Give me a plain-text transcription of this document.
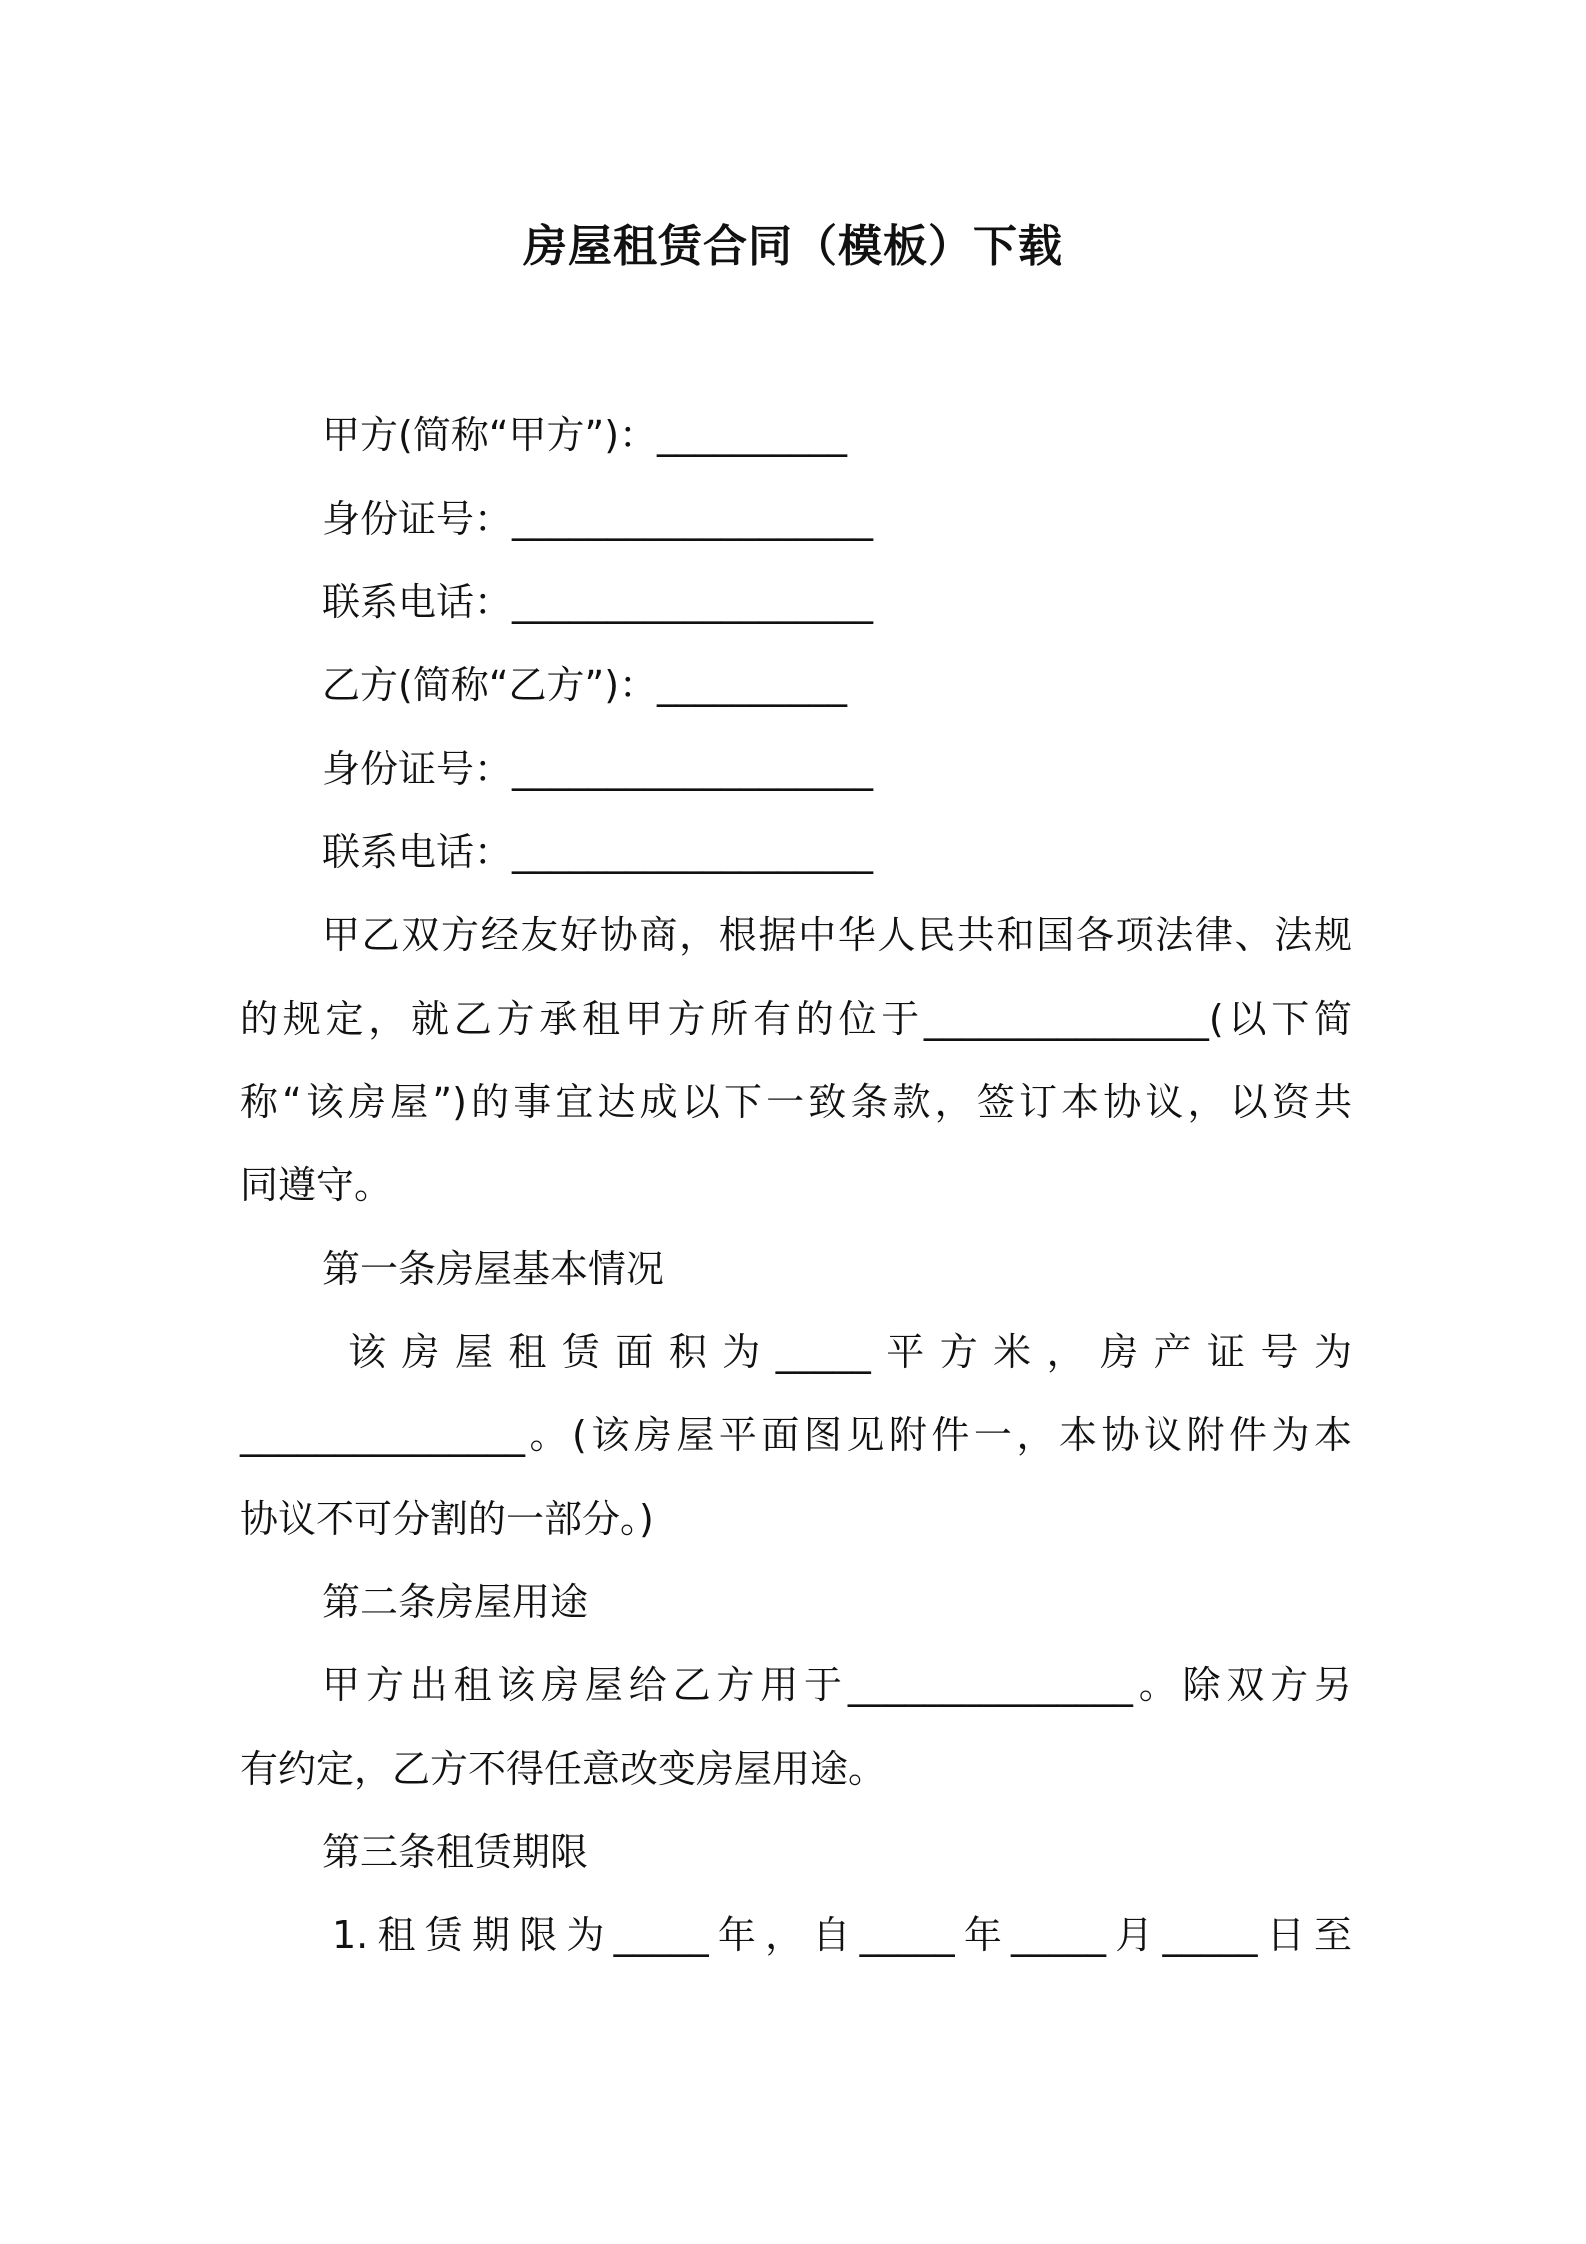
房屋租赁合同（模板）下载
甲方(简称“甲方”)：__________
身份证号：___________________
联系电话：___________________
乙方(简称“乙方”)：__________
身份证号：___________________
联系电话：___________________
甲乙双方经友好协商，根据中华人民共和国各项法律、法规
的规定，就乙方承租甲方所有的位于_______________(以下简
称“该房屋”)的事宜达成以下一致条款，签订本协议，以资共
同遵守。
第一条房屋基本情况
该房屋租赁面积为_____平方米，房产证号为
_______________。(该房屋平面图见附件一，本协议附件为本
协议不可分割的一部分。)
第二条房屋用途
甲方出租该房屋给乙方用于_______________。除双方另
有约定，乙方不得任意改变房屋用途。
第三条租赁期限
1.租赁期限为_____年，自_____年_____月_____日至
